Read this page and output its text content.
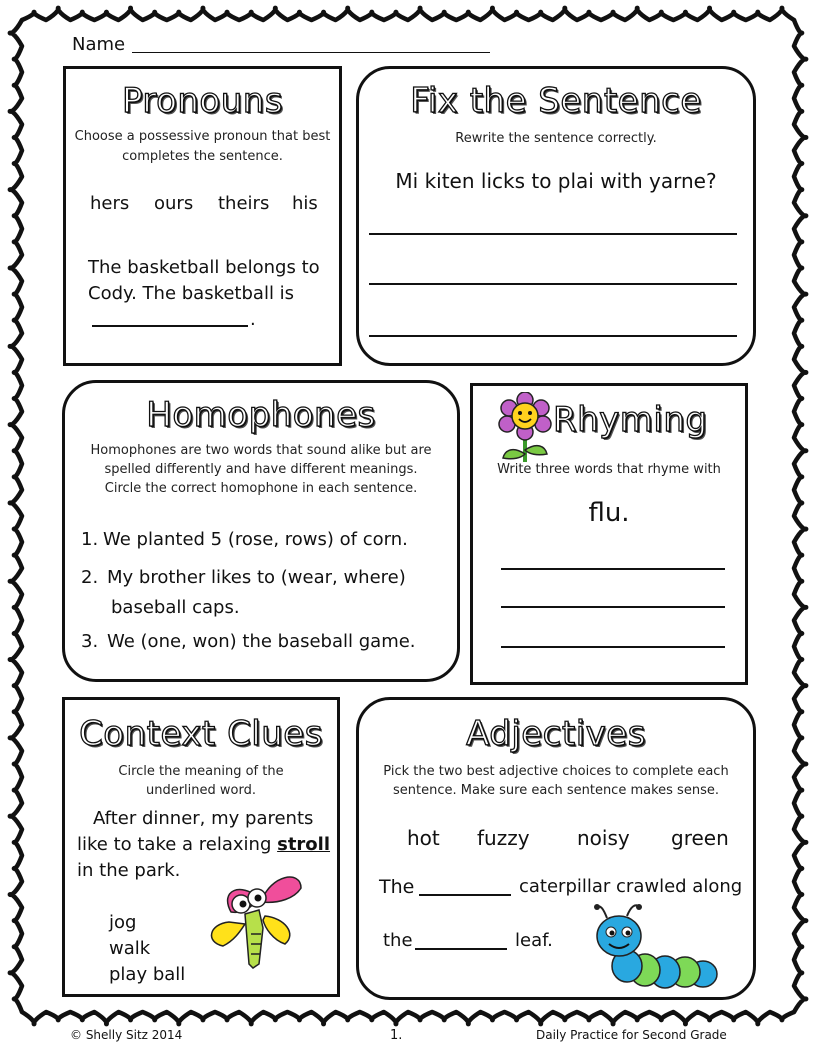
Name
Pronouns
Choose a possessive pronoun that best
completes the sentence.
hers ours theirs his
The basketball belongs to
Cody. The basketball is
.
Fix the Sentence
Rewrite the sentence correctly.
Mi kiten licks to plai with yarne?
Homophones
Homophones are two words that sound alike but are
spelled differently and have different meanings.
Circle the correct homophone in each sentence.
1. We planted 5 (rose, rows) of corn.
2. My brother likes to (wear, where)
baseball caps.
3. We (one, won) the baseball game.
Rhyming
Write three words that rhyme with
flu.
Context Clues
Circle the meaning of the
underlined word.
After dinner, my parents
like to take a relaxing stroll
in the park.
jog
walk
play ball
Adjectives
Pick the two best adjective choices to complete each
sentence. Make sure each sentence makes sense.
hot fuzzy noisy green
The	caterpillar crawled along
the	leaf.
© Shelly Sitz 2014	1.	Daily Practice for Second Grade
